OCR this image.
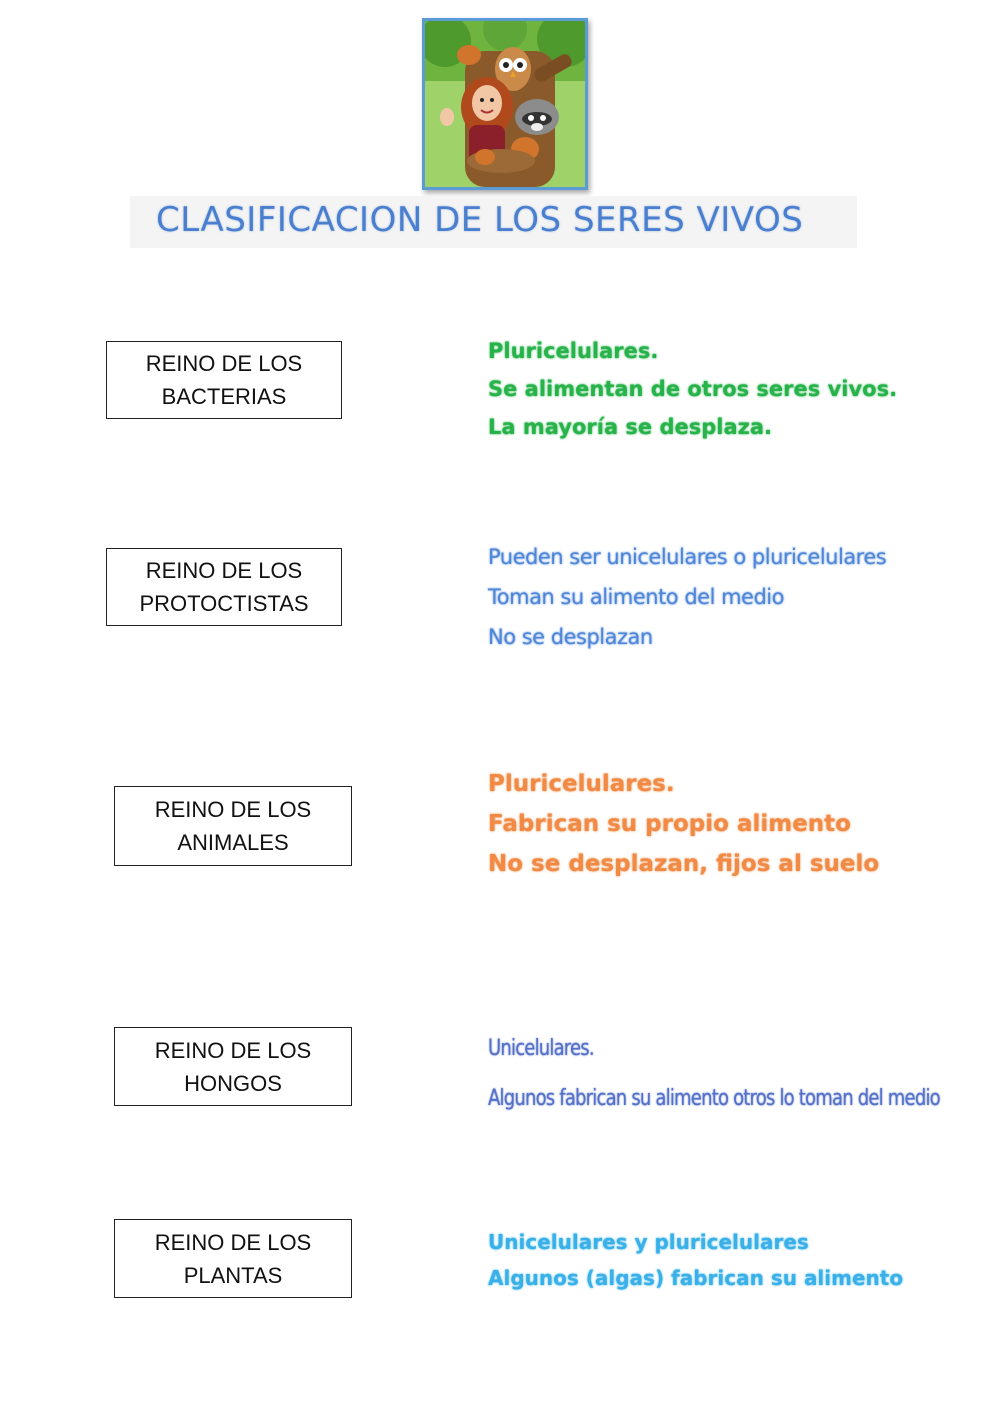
CLASIFICACION DE LOS SERES VIVOS
REINO DE LOS
BACTERIAS
REINO DE LOS
PROTOCTISTAS
REINO DE LOS
ANIMALES
REINO DE LOS
HONGOS
REINO DE LOS
PLANTAS
Pluricelulares.
Se alimentan de otros seres vivos.
La mayoría se desplaza.
Pueden ser unicelulares o pluricelulares
Toman su alimento del medio
No se desplazan
Pluricelulares.
Fabrican su propio alimento
No se desplazan, fijos al suelo
Unicelulares.
Algunos fabrican su alimento otros lo toman del medio
Unicelulares y pluricelulares
Algunos (algas) fabrican su alimento
